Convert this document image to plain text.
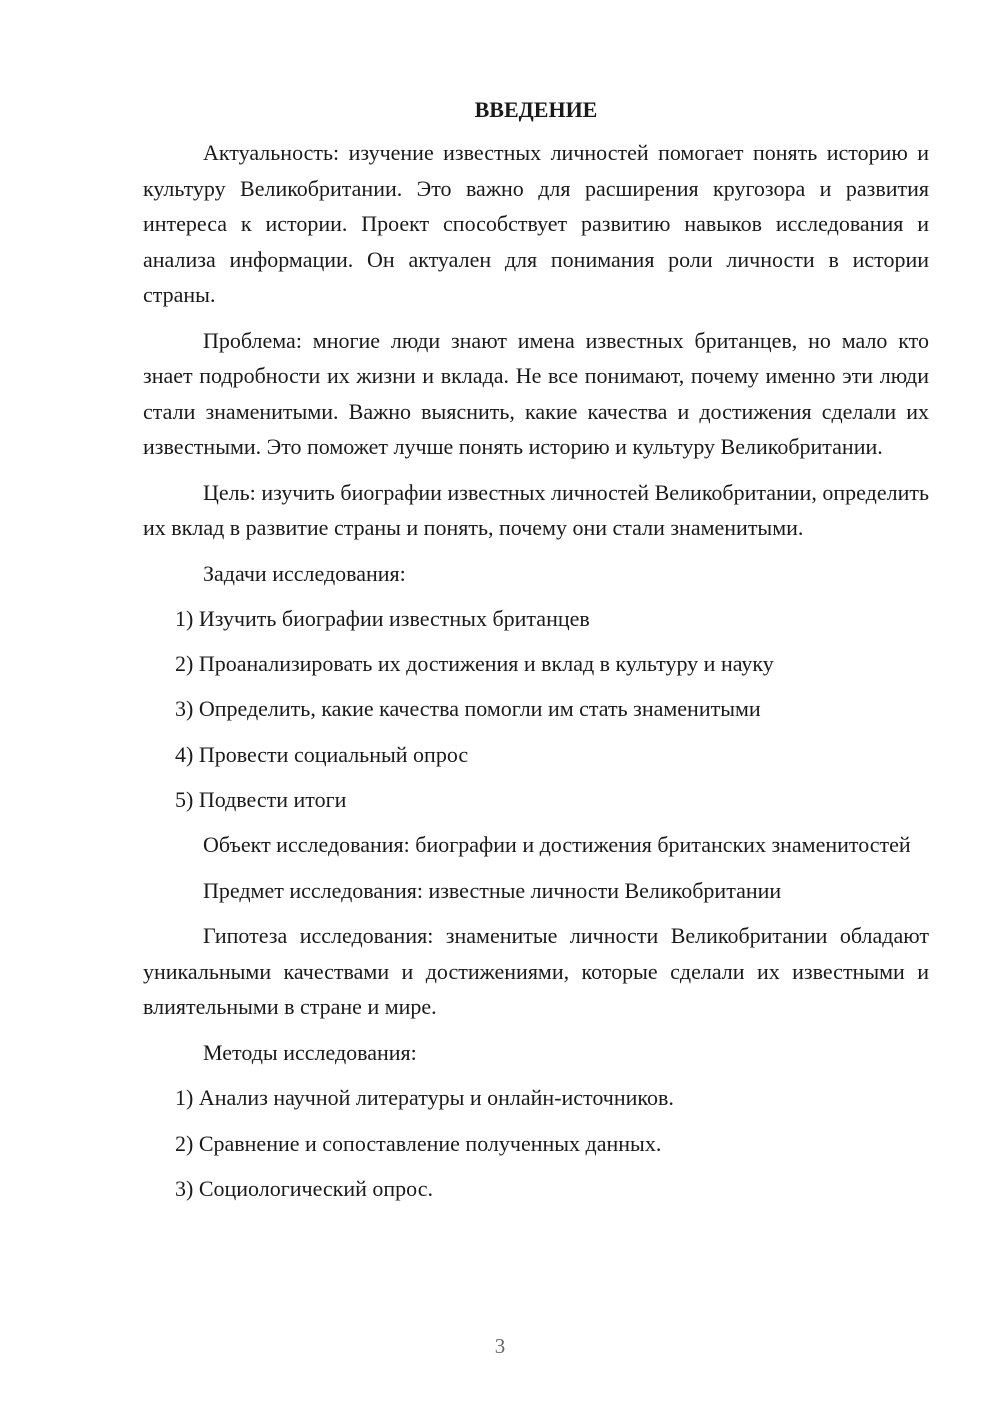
ВВЕДЕНИЕ

Актуальность: изучение известных личностей помогает понять историю и культуру Великобритании. Это важно для расширения кругозора и развития интереса к истории. Проект способствует развитию навыков исследования и анализа информации. Он актуален для понимания роли личности в истории страны.

Проблема: многие люди знают имена известных британцев, но мало кто знает подробности их жизни и вклада. Не все понимают, почему именно эти люди стали знаменитыми. Важно выяснить, какие качества и достижения сделали их известными. Это поможет лучше понять историю и культуру Великобритании.

Цель: изучить биографии известных личностей Великобритании, определить их вклад в развитие страны и понять, почему они стали знаменитыми.

Задачи исследования:

1) Изучить биографии известных британцев
2) Проанализировать их достижения и вклад в культуру и науку
3) Определить, какие качества помогли им стать знаменитыми
4) Провести социальный опрос
5) Подвести итоги

Объект исследования: биографии и достижения британских знаменитостей

Предмет исследования: известные личности Великобритании

Гипотеза исследования: знаменитые личности Великобритании обладают уникальными качествами и достижениями, которые сделали их известными и влиятельными в стране и мире.

Методы исследования:

1) Анализ научной литературы и онлайн-источников.
2) Сравнение и сопоставление полученных данных.
3) Социологический опрос.
3
